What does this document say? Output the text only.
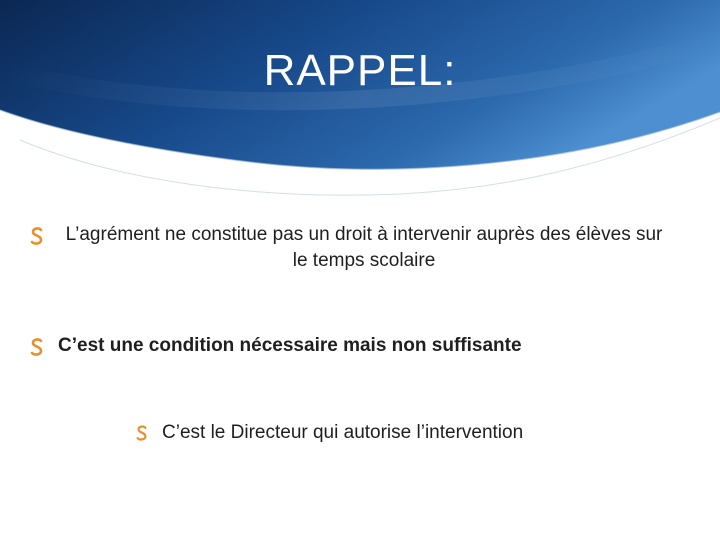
RAPPEL:
L’agrément ne constitue pas un droit à intervenir auprès des élèves sur le temps scolaire
C’est une condition nécessaire mais non suffisante
C’est le Directeur qui autorise l’intervention
